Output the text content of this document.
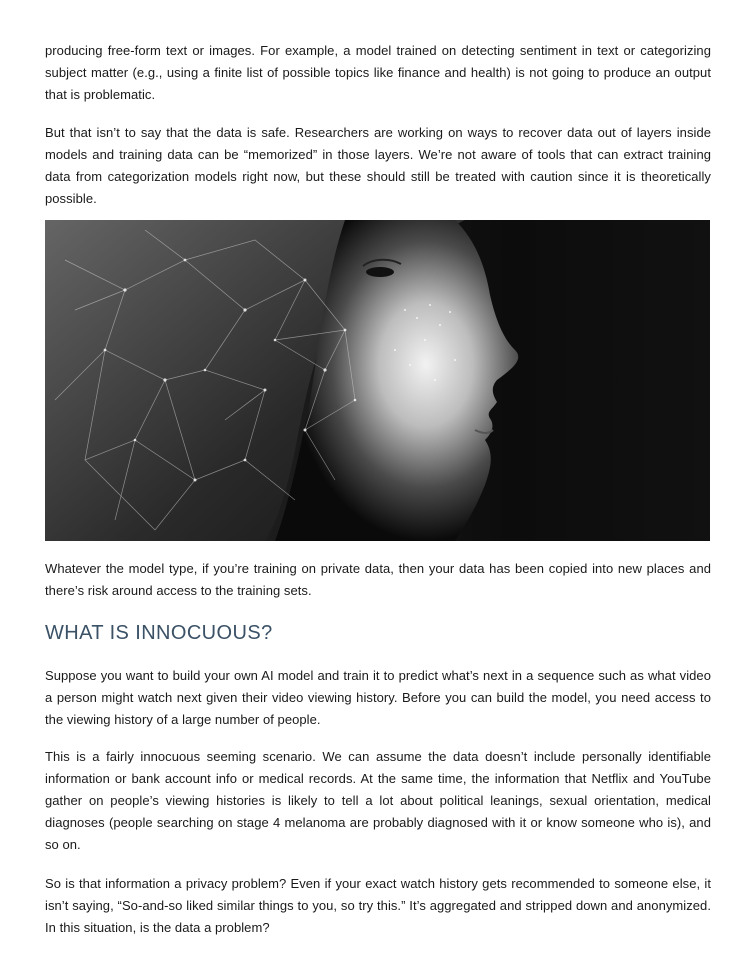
producing free-form text or images. For example, a model trained on detecting sentiment in text or categorizing subject matter (e.g., using a finite list of possible topics like finance and health) is not going to produce an output that is problematic.

But that isn’t to say that the data is safe. Researchers are working on ways to recover data out of layers inside models and training data can be “memorized” in those layers. We’re not aware of tools that can extract training data from categorization models right now, but these should still be treated with caution since it is theoretically possible.

Whatever the model type, if you’re training on private data, then your data has been copied into new places and there’s risk around access to the training sets.

WHAT IS INNOCUOUS?

Suppose you want to build your own AI model and train it to predict what’s next in a sequence such as what video a person might watch next given their video viewing history. Before you can build the model, you need access to the viewing history of a large number of people.

This is a fairly innocuous seeming scenario. We can assume the data doesn’t include personally identifiable information or bank account info or medical records. At the same time, the information that Netflix and YouTube gather on people’s viewing histories is likely to tell a lot about political leanings, sexual orientation, medical diagnoses (people searching on stage 4 melanoma are probably diagnosed with it or know someone who is), and so on.

So is that information a privacy problem? Even if your exact watch history gets recommended to someone else, it isn’t saying, “So-and-so liked similar things to you, so try this.” It’s aggregated and stripped down and anonymized. In this situation, is the data a problem?
